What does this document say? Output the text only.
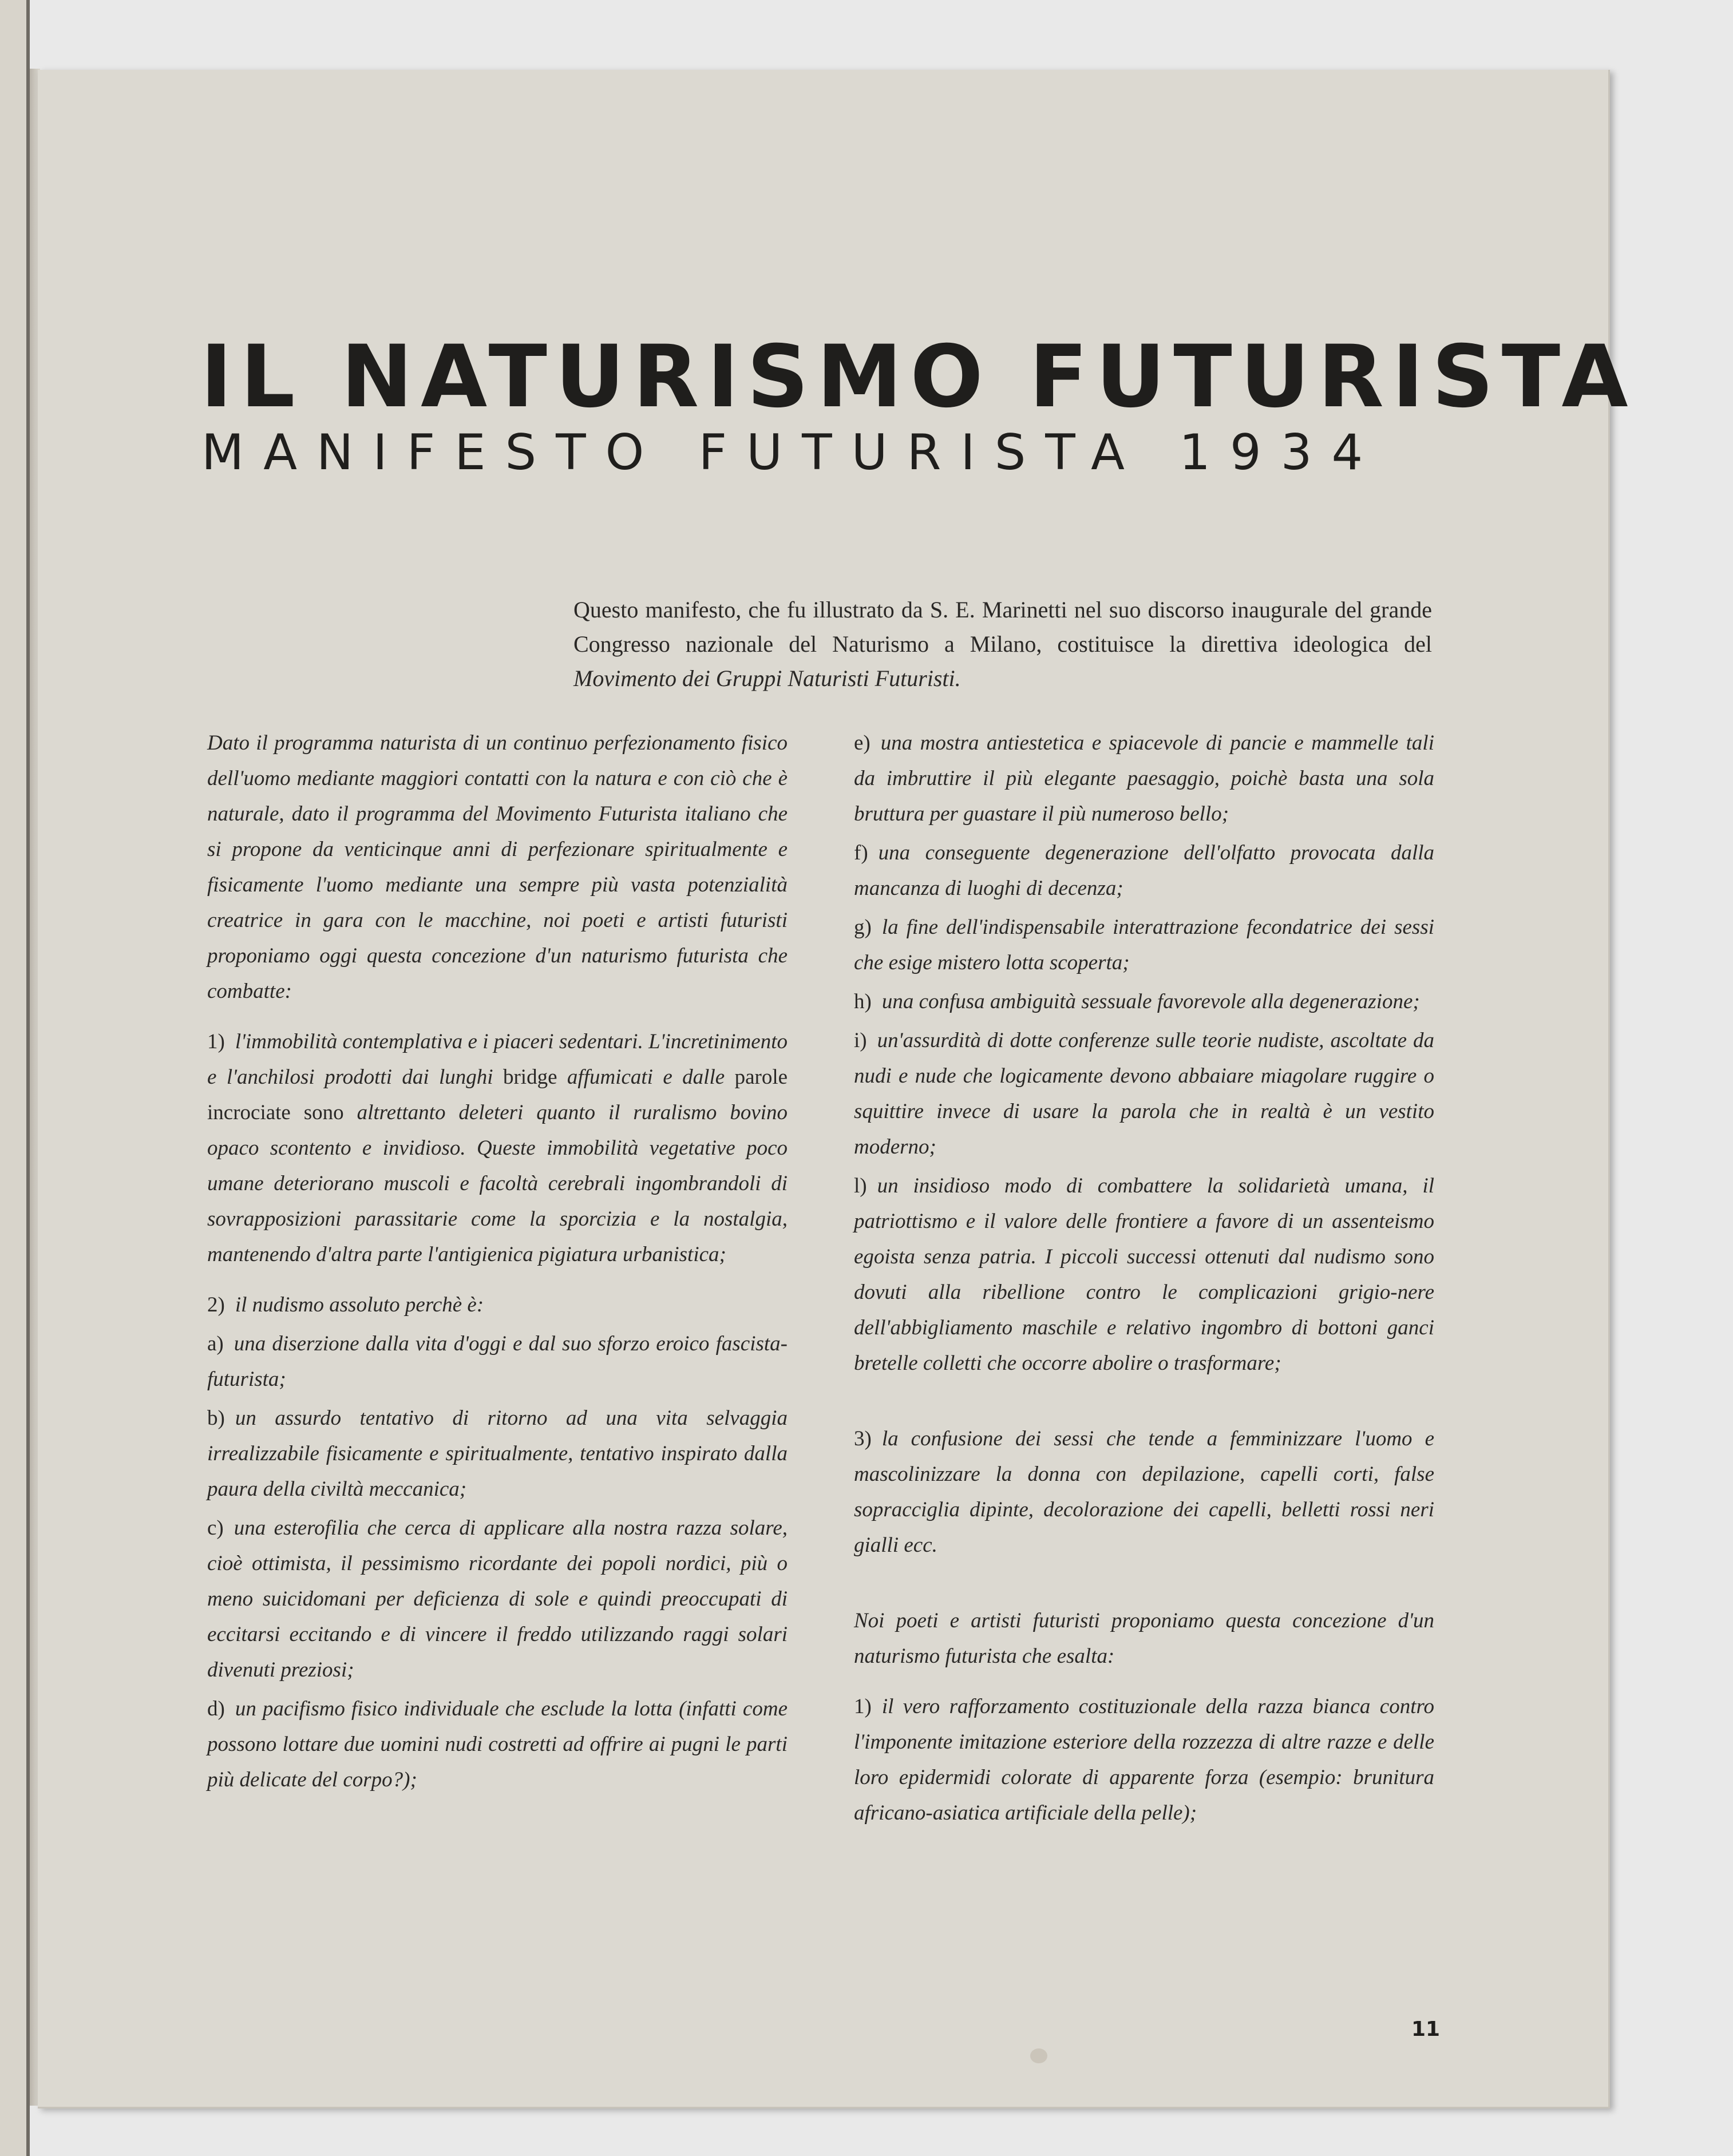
IL NATURISMO FUTURISTA
MANIFESTO FUTURISTA 1934

Questo manifesto, che fu illustrato da S. E. Marinetti nel suo discorso inaugurale del grande Congresso nazionale del Naturismo a Milano, costituisce la direttiva ideologica del Movimento dei Gruppi Naturisti Futuristi.

Dato il programma naturista di un continuo perfezionamento fisico dell'uomo mediante maggiori contatti con la natura e con ciò che è naturale, dato il programma del Movimento Futurista italiano che si propone da venticinque anni di perfezionare spiritualmente e fisicamente l'uomo mediante una sempre più vasta potenzialità creatrice in gara con le macchine, noi poeti e artisti futuristi proponiamo oggi questa concezione d'un naturismo futurista che combatte:

1) l'immobilità contemplativa e i piaceri sedentari. L'incretinimento e l'anchilosi prodotti dai lunghi bridge affumicati e dalle parole incrociate sono altrettanto deleteri quanto il ruralismo bovino opaco scontento e invidioso. Queste immobilità vegetative poco umane deteriorano muscoli e facoltà cerebrali ingombrandoli di sovrapposizioni parassitarie come la sporcizia e la nostalgia, mantenendo d'altra parte l'antigienica pigiatura urbanistica;

2) il nudismo assoluto perchè è:

a) una diserzione dalla vita d'oggi e dal suo sforzo eroico fascista-futurista;

b) un assurdo tentativo di ritorno ad una vita selvaggia irrealizzabile fisicamente e spiritualmente, tentativo inspirato dalla paura della civiltà meccanica;

c) una esterofilia che cerca di applicare alla nostra razza solare, cioè ottimista, il pessimismo ricordante dei popoli nordici, più o meno suicidomani per deficienza di sole e quindi preoccupati di eccitarsi eccitando e di vincere il freddo utilizzando raggi solari divenuti preziosi;

d) un pacifismo fisico individuale che esclude la lotta (infatti come possono lottare due uomini nudi costretti ad offrire ai pugni le parti più delicate del corpo?);

e) una mostra antiestetica e spiacevole di pancie e mammelle tali da imbruttire il più elegante paesaggio, poichè basta una sola bruttura per guastare il più numeroso bello;

f) una conseguente degenerazione dell'olfatto provocata dalla mancanza di luoghi di decenza;

g) la fine dell'indispensabile interattrazione fecondatrice dei sessi che esige mistero lotta scoperta;

h) una confusa ambiguità sessuale favorevole alla degenerazione;

i) un'assurdità di dotte conferenze sulle teorie nudiste, ascoltate da nudi e nude che logicamente devono abbaiare miagolare ruggire o squittire invece di usare la parola che in realtà è un vestito moderno;

l) un insidioso modo di combattere la solidarietà umana, il patriottismo e il valore delle frontiere a favore di un assenteismo egoista senza patria. I piccoli successi ottenuti dal nudismo sono dovuti alla ribellione contro le complicazioni grigio-nere dell'abbigliamento maschile e relativo ingombro di bottoni ganci bretelle colletti che occorre abolire o trasformare;

3) la confusione dei sessi che tende a femminizzare l'uomo e mascolinizzare la donna con depilazione, capelli corti, false sopracciglia dipinte, decolorazione dei capelli, belletti rossi neri gialli ecc.

Noi poeti e artisti futuristi proponiamo questa concezione d'un naturismo futurista che esalta:

1) il vero rafforzamento costituzionale della razza bianca contro l'imponente imitazione esteriore della rozzezza di altre razze e delle loro epidermidi colorate di apparente forza (esempio: brunitura africano-asiatica artificiale della pelle);

11
